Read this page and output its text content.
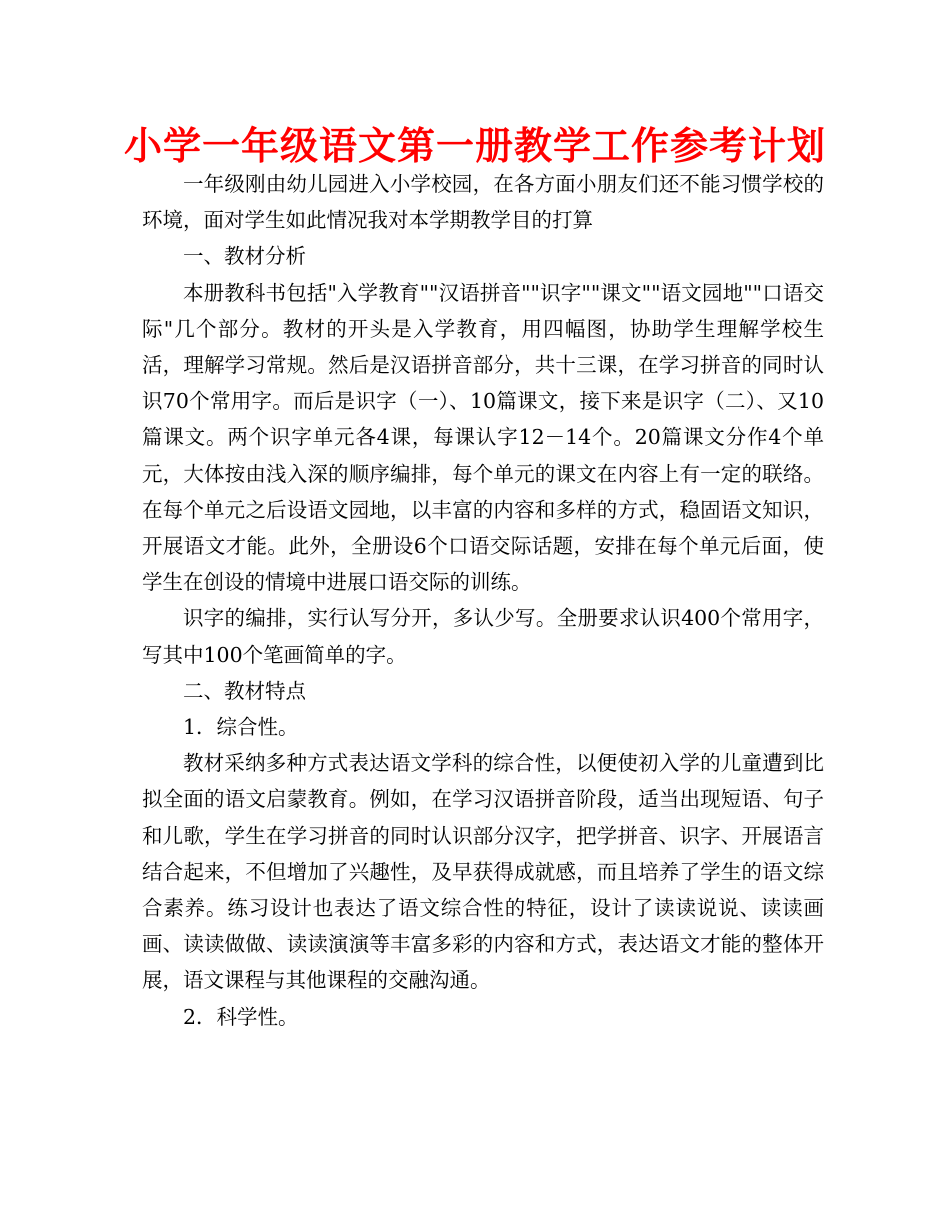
小学一年级语文第一册教学工作参考计划

一年级刚由幼儿园进入小学校园，在各方面小朋友们还不能习惯学校的环境，面对学生如此情况我对本学期教学目的打算

一、教材分析

本册教科书包括"入学教育""汉语拼音""识字""课文""语文园地""口语交际"几个部分。教材的开头是入学教育，用四幅图，协助学生理解学校生活，理解学习常规。然后是汉语拼音部分，共十三课，在学习拼音的同时认识70个常用字。而后是识字（一）、10篇课文，接下来是识字（二）、又10篇课文。两个识字单元各4课，每课认字12－14个。20篇课文分作4个单元，大体按由浅入深的顺序编排，每个单元的课文在内容上有一定的联络。在每个单元之后设语文园地，以丰富的内容和多样的方式，稳固语文知识，开展语文才能。此外，全册设6个口语交际话题，安排在每个单元后面，使学生在创设的情境中进展口语交际的训练。

识字的编排，实行认写分开，多认少写。全册要求认识400个常用字，写其中100个笔画简单的字。

二、教材特点

1．综合性。

教材采纳多种方式表达语文学科的综合性，以便使初入学的儿童遭到比拟全面的语文启蒙教育。例如，在学习汉语拼音阶段，适当出现短语、句子和儿歌，学生在学习拼音的同时认识部分汉字，把学拼音、识字、开展语言结合起来，不但增加了兴趣性，及早获得成就感，而且培养了学生的语文综合素养。练习设计也表达了语文综合性的特征，设计了读读说说、读读画画、读读做做、读读演演等丰富多彩的内容和方式，表达语文才能的整体开展，语文课程与其他课程的交融沟通。

2．科学性。
